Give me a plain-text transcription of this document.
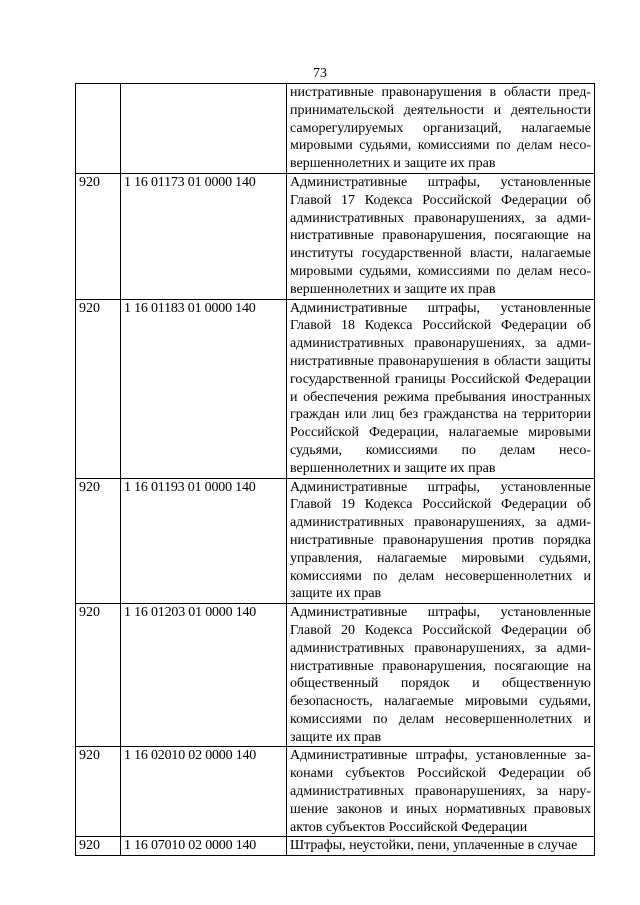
73
		нистративные правонарушения в области предпринимательской деятельности и деятельности саморегулируемых организаций, налагаемые мировыми судьями, комиссиями по делам несовершеннолетних и защите их прав
920	1 16 01173 01 0000 140	Административные штрафы, установленные Главой 17 Кодекса Российской Федерации об административных правонарушениях, за административные правонарушения, посягающие на институты государственной власти, налагаемые мировыми судьями, комиссиями по делам несовершеннолетних и защите их прав
920	1 16 01183 01 0000 140	Административные штрафы, установленные Главой 18 Кодекса Российской Федерации об административных правонарушениях, за административные правонарушения в области защиты государственной границы Российской Федерации и обеспечения режима пребывания иностранных граждан или лиц без гражданства на территории Российской Федерации, налагаемые мировыми судьями, комиссиями по делам несовершеннолетних и защите их прав
920	1 16 01193 01 0000 140	Административные штрафы, установленные Главой 19 Кодекса Российской Федерации об административных правонарушениях, за административные правонарушения против порядка управления, налагаемые мировыми судьями, комиссиями по делам несовершеннолетних и защите их прав
920	1 16 01203 01 0000 140	Административные штрафы, установленные Главой 20 Кодекса Российской Федерации об административных правонарушениях, за административные правонарушения, посягающие на общественный порядок и общественную безопасность, налагаемые мировыми судьями, комиссиями по делам несовершеннолетних и защите их прав
920	1 16 02010 02 0000 140	Административные штрафы, установленные законами субъектов Российской Федерации об административных правонарушениях, за нарушение законов и иных нормативных правовых актов субъектов Российской Федерации
920	1 16 07010 02 0000 140	Штрафы, неустойки, пени, уплаченные в случае
